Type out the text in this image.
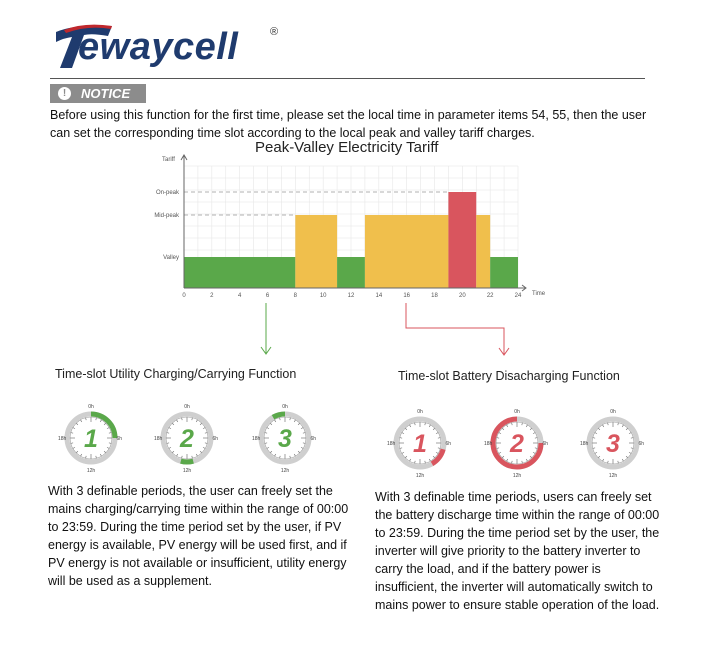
ewaycell	®
!	NOTICE
Before using this function for the first time, please set the local time in parameter items 54, 55, then the user can set the corresponding time slot according to the local peak and valley tariff charges.
Peak-Valley Electricity Tariff
Tariff
Valley
Mid-peak
On-peak
0	2	4	6	8	10	12	14	16	18	20	22	24 Time
Time-slot Utility Charging/Carrying Function	Time-slot Battery Disacharging Function
1
0h
6h
12h
18h	2
0h
6h
12h
18h	3
0h
6h
12h
18h	1
0h
6h
12h
18h	2
0h
6h
12h
18h	3
0h
6h
12h
18h
With 3 definable periods, the user can freely set the mains charging/carrying time within the range of 00:00 to 23:59. During the time period set by the user, if PV energy is available, PV energy will be used first, and if PV energy is not available or insufficient, utility energy will be used as a supplement.
With 3 definable time periods, users can freely set the battery discharge time within the range of 00:00 to 23:59. During the time period set by the user, the inverter will give priority to the battery inverter to carry the load, and if the battery power is insufficient, the inverter will automatically switch to mains power to ensure stable operation of the load.
